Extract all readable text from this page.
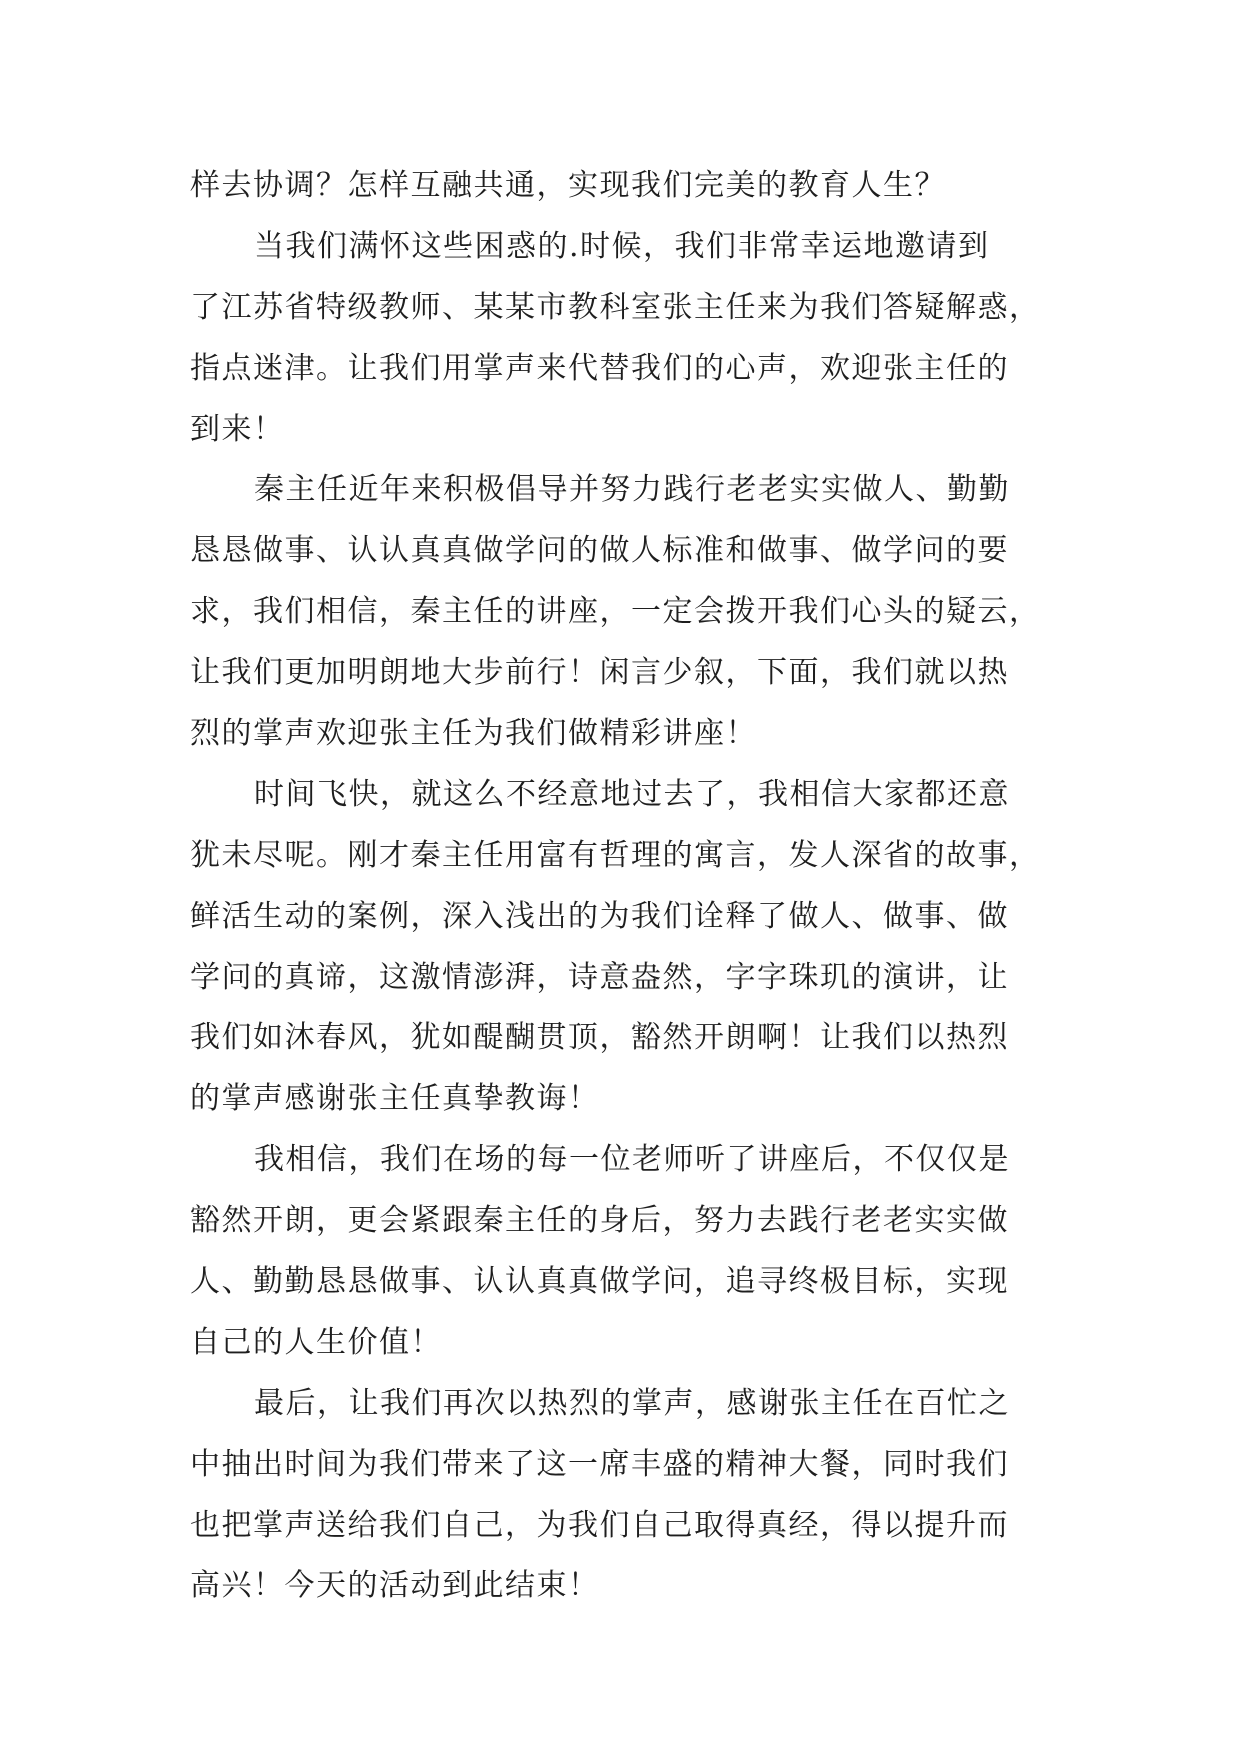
样去协调？怎样互融共通，实现我们完美的教育人生？
当我们满怀这些困惑的.时候，我们非常幸运地邀请到
了江苏省特级教师、某某市教科室张主任来为我们答疑解惑，
指点迷津。让我们用掌声来代替我们的心声，欢迎张主任的
到来！
秦主任近年来积极倡导并努力践行老老实实做人、勤勤
恳恳做事、认认真真做学问的做人标准和做事、做学问的要
求，我们相信，秦主任的讲座，一定会拨开我们心头的疑云，
让我们更加明朗地大步前行！闲言少叙，下面，我们就以热
烈的掌声欢迎张主任为我们做精彩讲座！
时间飞快，就这么不经意地过去了，我相信大家都还意
犹未尽呢。刚才秦主任用富有哲理的寓言，发人深省的故事，
鲜活生动的案例，深入浅出的为我们诠释了做人、做事、做
学问的真谛，这激情澎湃，诗意盎然，字字珠玑的演讲，让
我们如沐春风，犹如醍醐贯顶，豁然开朗啊！让我们以热烈
的掌声感谢张主任真挚教诲！
我相信，我们在场的每一位老师听了讲座后，不仅仅是
豁然开朗，更会紧跟秦主任的身后，努力去践行老老实实做
人、勤勤恳恳做事、认认真真做学问，追寻终极目标，实现
自己的人生价值！
最后，让我们再次以热烈的掌声，感谢张主任在百忙之
中抽出时间为我们带来了这一席丰盛的精神大餐，同时我们
也把掌声送给我们自己，为我们自己取得真经，得以提升而
高兴！今天的活动到此结束！
